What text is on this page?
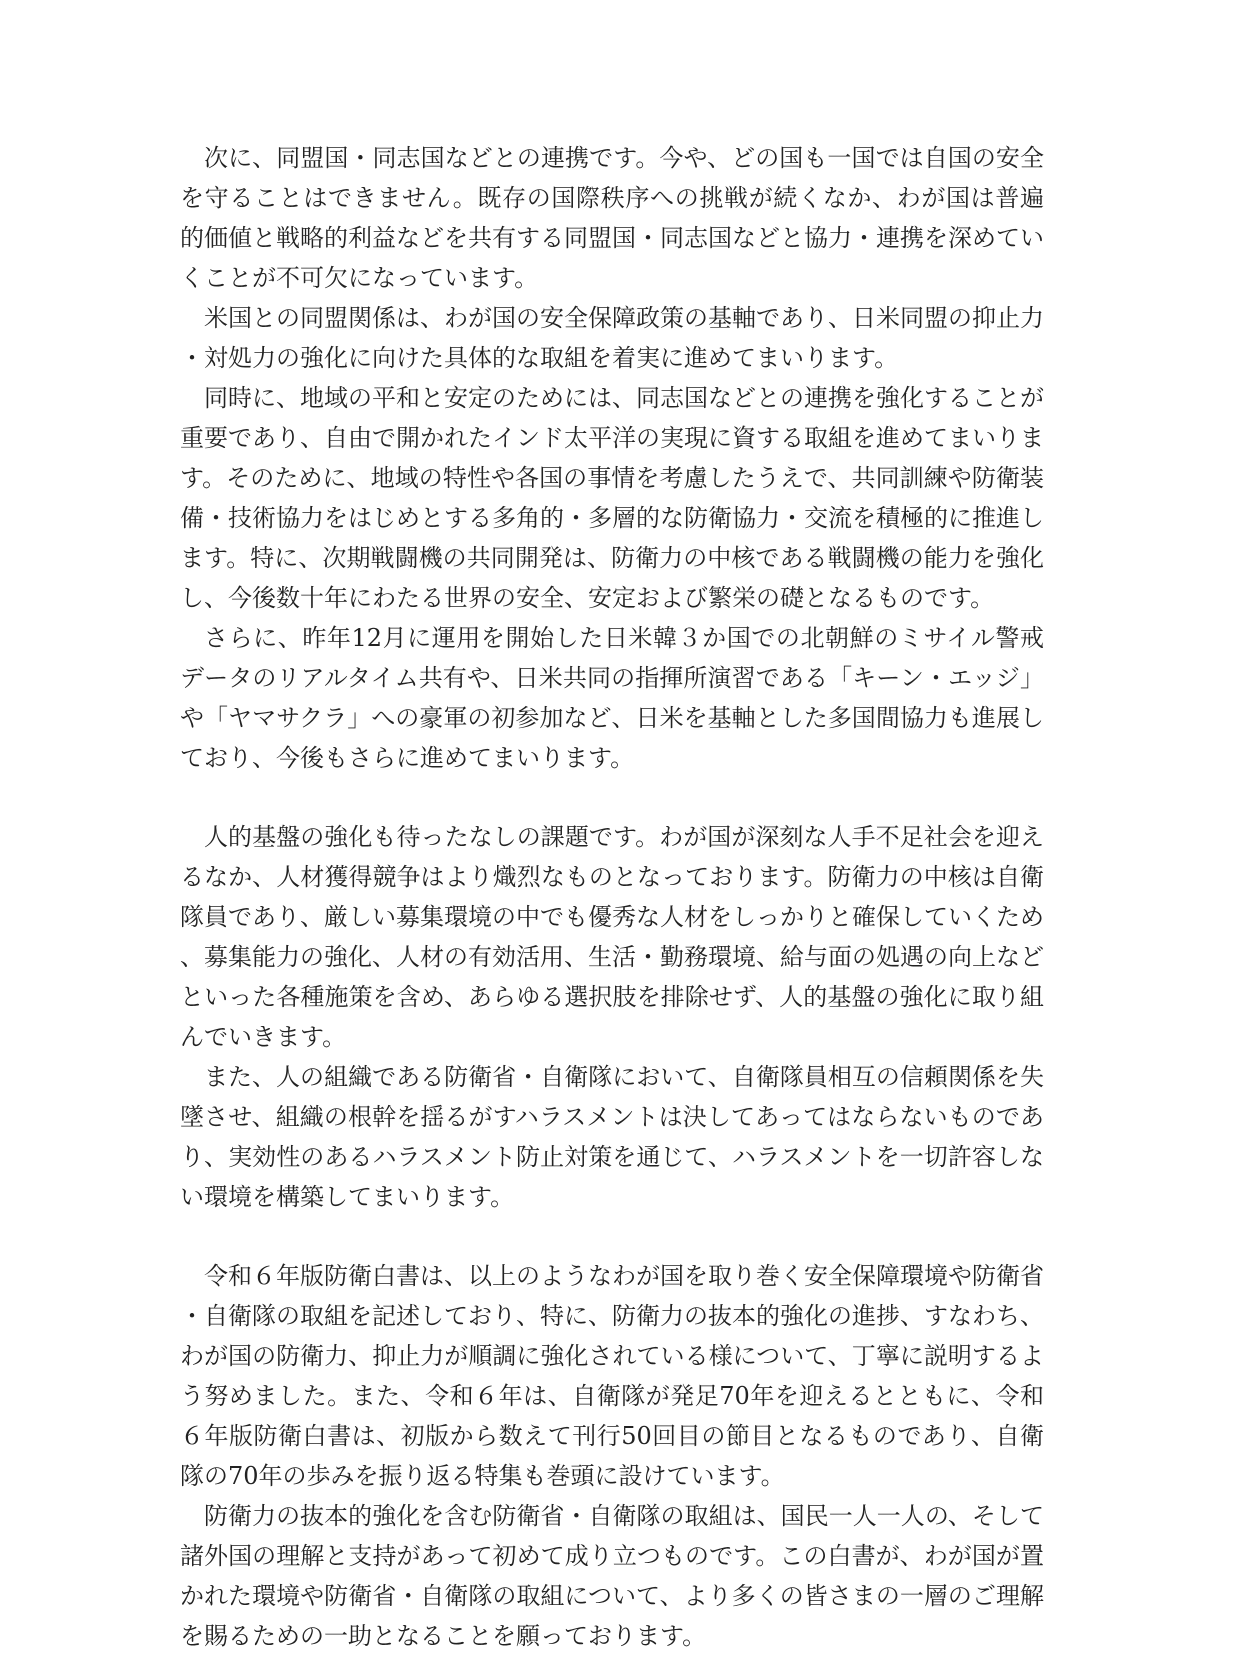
次に、同盟国・同志国などとの連携です。今や、どの国も一国では自国の安全を守ることはできません。既存の国際秩序への挑戦が続くなか、わが国は普遍的価値と戦略的利益などを共有する同盟国・同志国などと協力・連携を深めていくことが不可欠になっています。

米国との同盟関係は、わが国の安全保障政策の基軸であり、日米同盟の抑止力・対処力の強化に向けた具体的な取組を着実に進めてまいります。

同時に、地域の平和と安定のためには、同志国などとの連携を強化することが重要であり、自由で開かれたインド太平洋の実現に資する取組を進めてまいります。そのために、地域の特性や各国の事情を考慮したうえで、共同訓練や防衛装備・技術協力をはじめとする多角的・多層的な防衛協力・交流を積極的に推進します。特に、次期戦闘機の共同開発は、防衛力の中核である戦闘機の能力を強化し、今後数十年にわたる世界の安全、安定および繁栄の礎となるものです。

さらに、昨年12月に運用を開始した日米韓３か国での北朝鮮のミサイル警戒データのリアルタイム共有や、日米共同の指揮所演習である「キーン・エッジ」や「ヤマサクラ」への豪軍の初参加など、日米を基軸とした多国間協力も進展しており、今後もさらに進めてまいります。

人的基盤の強化も待ったなしの課題です。わが国が深刻な人手不足社会を迎えるなか、人材獲得競争はより熾烈なものとなっております。防衛力の中核は自衛隊員であり、厳しい募集環境の中でも優秀な人材をしっかりと確保していくため、募集能力の強化、人材の有効活用、生活・勤務環境、給与面の処遇の向上などといった各種施策を含め、あらゆる選択肢を排除せず、人的基盤の強化に取り組んでいきます。

また、人の組織である防衛省・自衛隊において、自衛隊員相互の信頼関係を失墜させ、組織の根幹を揺るがすハラスメントは決してあってはならないものであり、実効性のあるハラスメント防止対策を通じて、ハラスメントを一切許容しない環境を構築してまいります。

令和６年版防衛白書は、以上のようなわが国を取り巻く安全保障環境や防衛省・自衛隊の取組を記述しており、特に、防衛力の抜本的強化の進捗、すなわち、わが国の防衛力、抑止力が順調に強化されている様について、丁寧に説明するよう努めました。また、令和６年は、自衛隊が発足70年を迎えるとともに、令和６年版防衛白書は、初版から数えて刊行50回目の節目となるものであり、自衛隊の70年の歩みを振り返る特集も巻頭に設けています。

防衛力の抜本的強化を含む防衛省・自衛隊の取組は、国民一人一人の、そして諸外国の理解と支持があって初めて成り立つものです。この白書が、わが国が置かれた環境や防衛省・自衛隊の取組について、より多くの皆さまの一層のご理解を賜るための一助となることを願っております。
